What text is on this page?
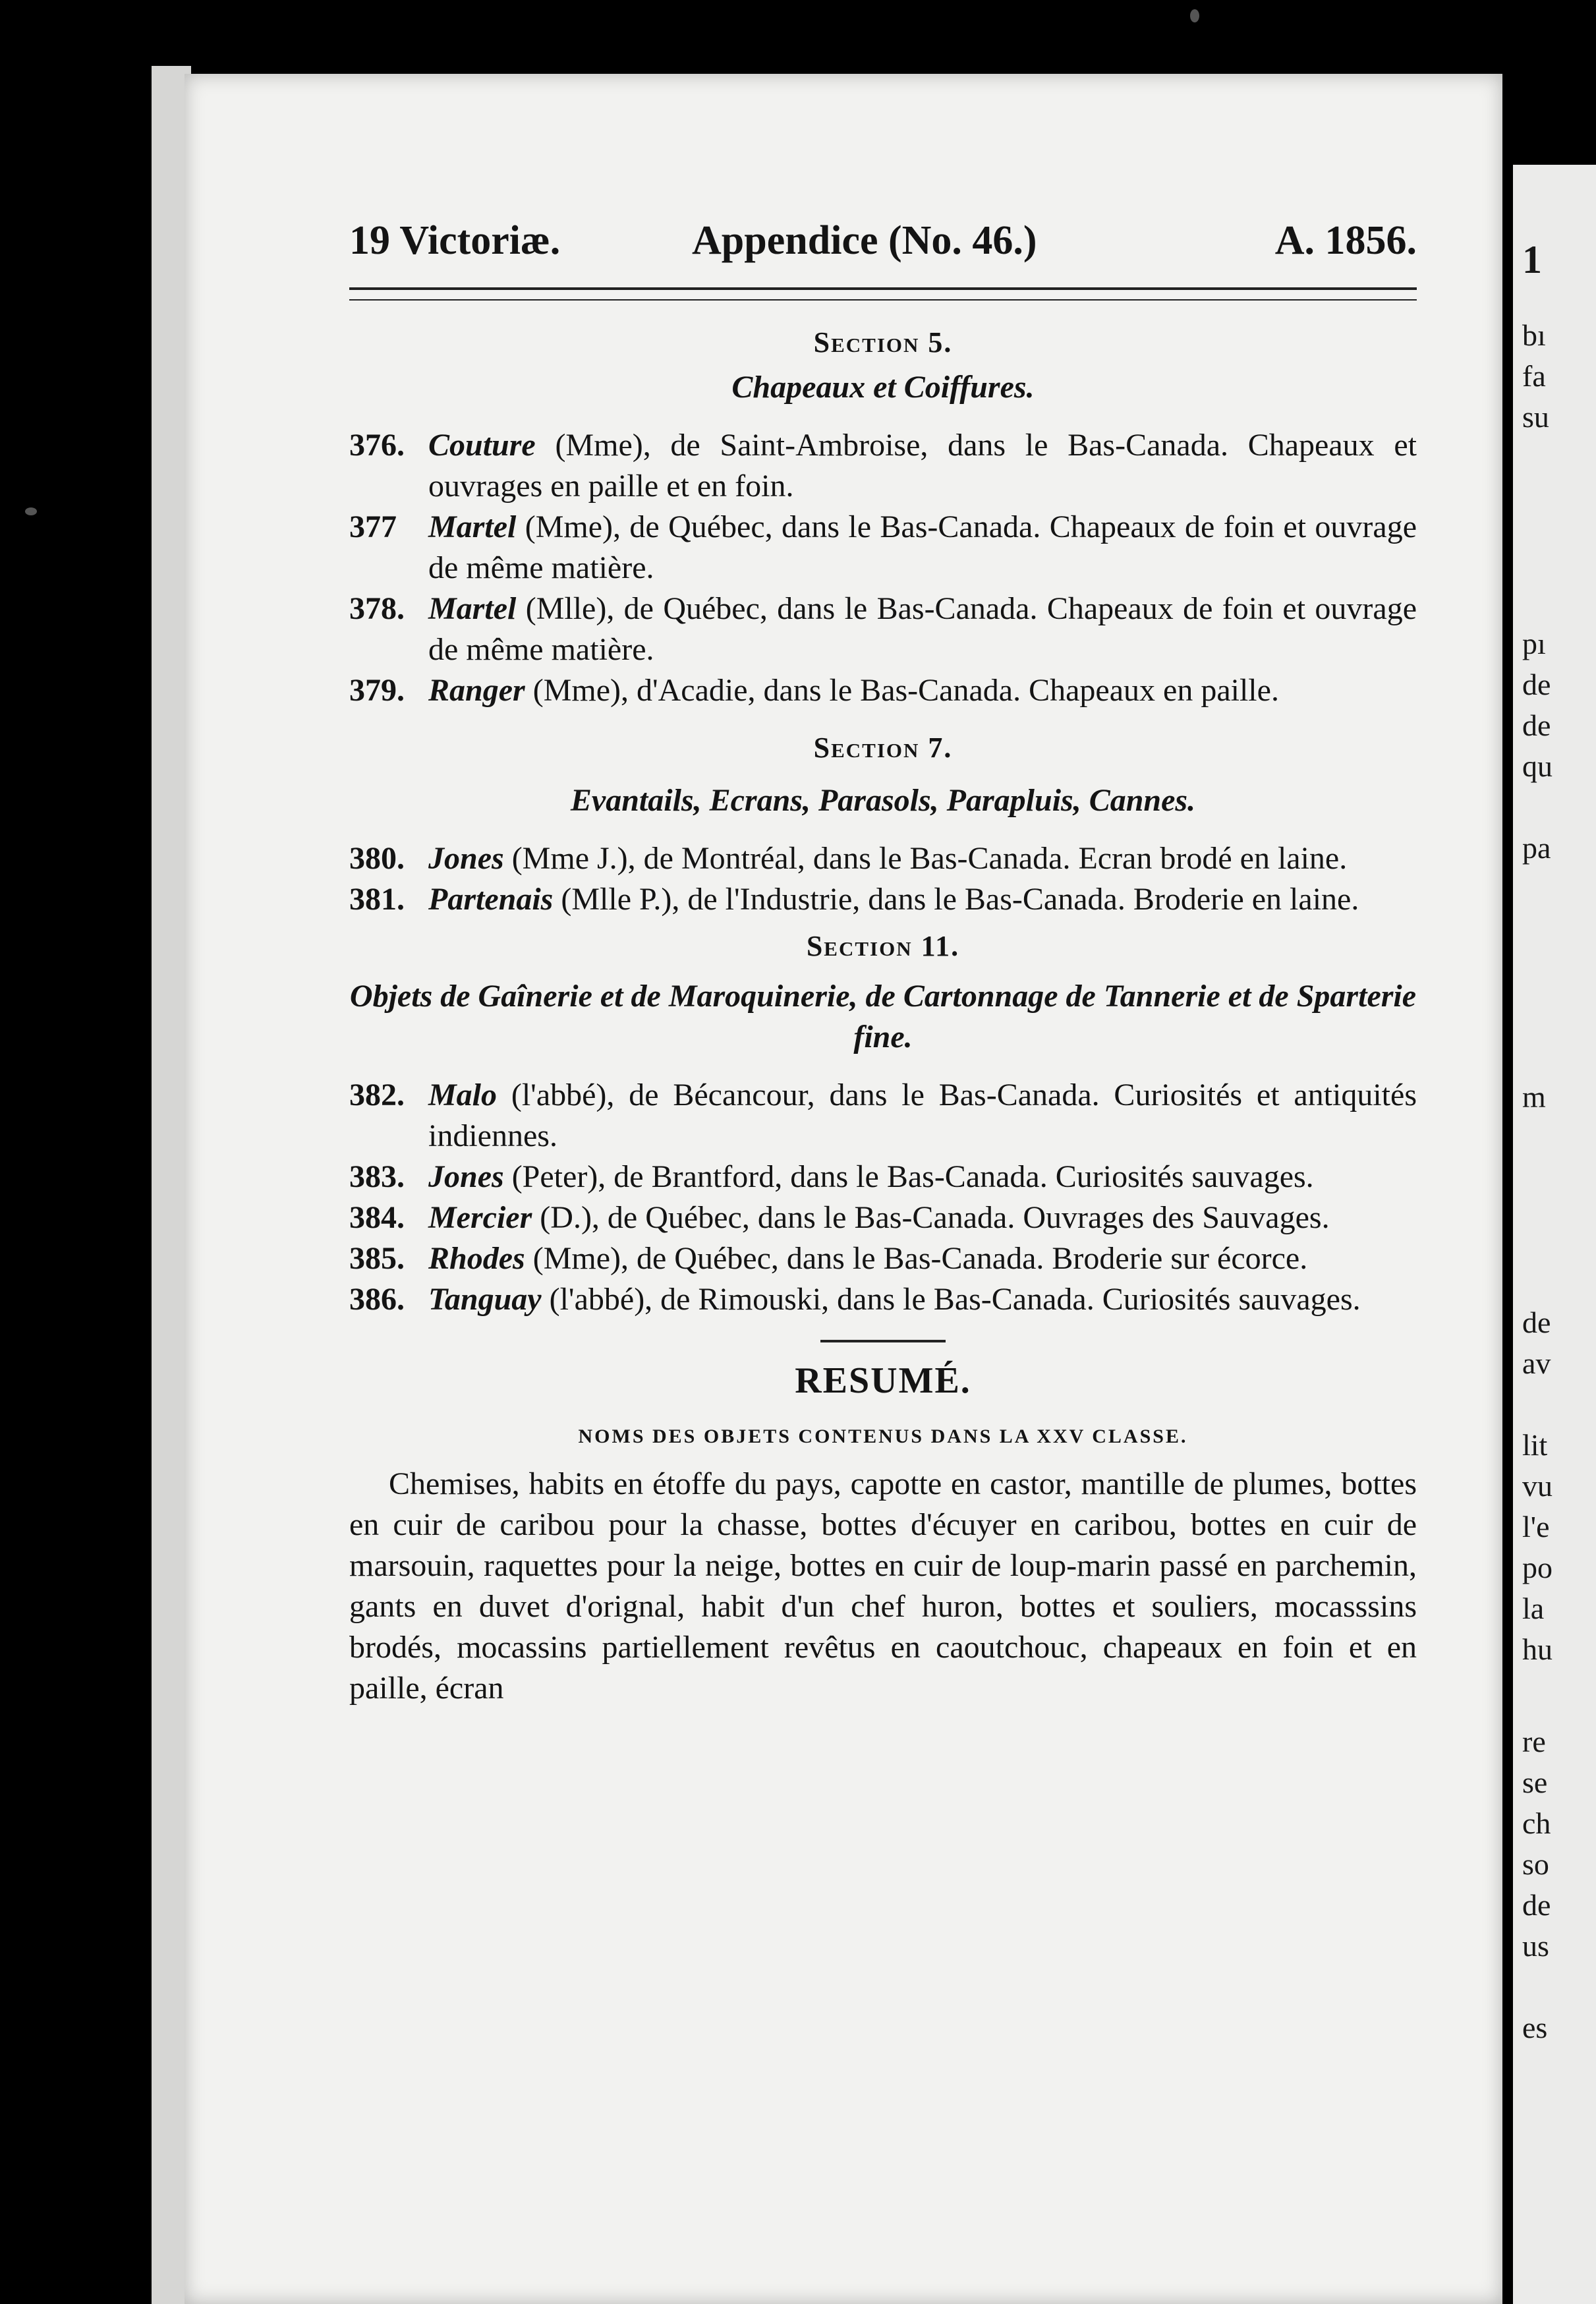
1
bı
fa
su
pı
de
de
qu
pa
m
de
av
lit
vu
l'e
po
la
hu
re
se
ch
so
de
us
es
19 Victoriæ.	Appendice (No. 46.)	A. 1856.
Section 5.
Chapeaux et Coiffures.
376. Couture (Mme), de Saint-Ambroise, dans le Bas-Canada. Chapeaux et ouvrages en paille et en foin.
377 Martel (Mme), de Québec, dans le Bas-Canada. Chapeaux de foin et ouvrage de même matière.
378. Martel (Mlle), de Québec, dans le Bas-Canada. Chapeaux de foin et ouvrage de même matière.
379. Ranger (Mme), d'Acadie, dans le Bas-Canada. Chapeaux en paille.
Section 7.
Evantails, Ecrans, Parasols, Parapluis, Cannes.
380. Jones (Mme J.), de Montréal, dans le Bas-Canada. Ecran brodé en laine.
381. Partenais (Mlle P.), de l'Industrie, dans le Bas-Canada. Broderie en laine.
Section 11.
Objets de Gaînerie et de Maroquinerie, de Cartonnage de Tannerie et de Sparterie fine.
382. Malo (l'abbé), de Bécancour, dans le Bas-Canada. Curiosités et antiquités indiennes.
383. Jones (Peter), de Brantford, dans le Bas-Canada. Curiosités sauvages.
384. Mercier (D.), de Québec, dans le Bas-Canada. Ouvrages des Sauvages.
385. Rhodes (Mme), de Québec, dans le Bas-Canada. Broderie sur écorce.
386. Tanguay (l'abbé), de Rimouski, dans le Bas-Canada. Curiosités sauvages.
RESUMÉ.
NOMS DES OBJETS CONTENUS DANS LA XXV CLASSE.
Chemises, habits en étoffe du pays, capotte en castor, mantille de plumes, bottes en cuir de caribou pour la chasse, bottes d'écuyer en caribou, bottes en cuir de marsouin, raquettes pour la neige, bottes en cuir de loup-marin passé en parchemin, gants en duvet d'orignal, habit d'un chef huron, bottes et souliers, mocasssins brodés, mocassins partiellement revêtus en caoutchouc, chapeaux en foin et en paille, écran
